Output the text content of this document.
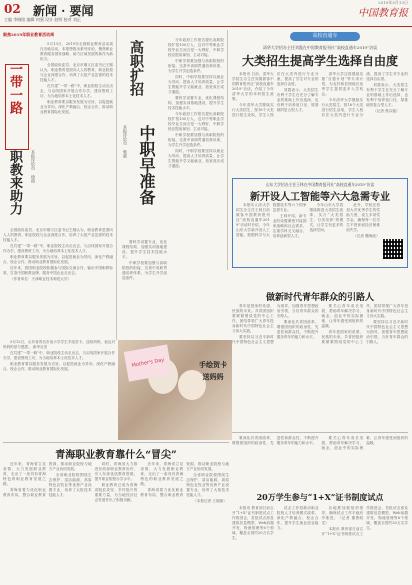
02 新闻 · 要闻
主编 李晓阳 编辑 何强 设计 赵明 校对 刘正
2019年5月13日
中国教育报
聚焦2019年职业教育活动周

5月13日，2019年全国职业教育活动周在各地启动，本报特推出系列评论，聚焦职业教育服务国家战略、助力区域发展的新作为新担当。

全国政协委员、北京市顺义区委书记王刚认为，职业教育是面向人人的教育，职业院校与企业深度合作，培养了大批产业急需的技术技能人才。

在共建“一带一路”中，职业院校主动走出去，与沿线国家开展合作办学，建设鲁班工坊，为当地培养本土化技术人才。

职业教育要以服务发展为宗旨，以促进就业为导向，深化产教融合、校企合作，推动职业教育国际化发展。

一带一路
职教来助力	本报评论员 徐倩

全国政协委员、北京市顺义区委书记王刚认为，职业教育是面向人人的教育，职业院校与企业深度合作，培养了大批产业急需的技术技能人才。

在共建“一带一路”中，职业院校主动走出去，与沿线国家开展合作办学，建设鲁班工坊，为当地培养本土化技术人才。

职业教育要以服务发展为宗旨，以促进就业为导向，深化产教融合、校企合作，推动职业教育国际化发展。

近年来，我国职业院校积极参与国际交流合作，输出中国职教标准，打造中国职教品牌，服务中国企业走出去。

（作者单位：天津职业技术师范大学）

高职扩招
中职早准备
本报评论员 柴葳

今年政府工作报告提出高职院校扩招100万人，这对中等职业学校毕业生而言是一大利好，中职学校应提前谋划、主动对接。

中职学校要加强与高职院校的衔接，完善中高职贯通培养体系，为学生升学创造条件。

同时，中职学校要坚持以就业为导向，提高人才培养质量，让学生既能升学又能就业，拓宽成长成才通道。

要科学设置专业，优化课程结构，加强实训基地建设，提升学生技术技能水平。

今年政府工作报告提出高职院校扩招100万人，这对中等职业学校毕业生而言是一大利好，中职学校应提前谋划、主动对接。

中职学校要加强与高职院校的衔接，完善中高职贯通培养体系，为学生升学创造条件。

同时，中职学校要坚持以就业为导向，提高人才培养质量，让学生既能升学又能就业，拓宽成长成才通道。

要科学设置专业，优化课程结构，加强实训基地建设，提升学生技术技能水平。

中职学校要加强与高职院校的衔接，完善中高职贯通培养体系，为学生升学创造条件。

高校直通车
清华大学招办主任刘震在中国教育报刊社“高校直通车2019”访谈
大类招生提高学生选择自由度

本报讯 日前，清华大学招生办主任刘震做客中国教育报刊社“高校直通车2019”访谈，介绍了今年清华大学的本科招生政策。

今年清华大学继续实行大类招生，按16个大类进行招生录取，学生入校后在大类内进行专业分流，提高了学生对专业的选择自由度。

刘震表示，大类招生有利于学生在充分了解专业的基础上作出选择，也有利于培养宽口径、厚基础的复合型人才。

清华大学还将继续实施“自强计划”等专项计划，为农村和贫困地区优秀学生提供更多入学机会。

今年清华大学继续实行大类招生，按16个大类进行招生录取，学生入校后在大类内进行专业分流，提高了学生对专业的选择自由度。

刘震表示，大类招生有利于学生在充分了解专业的基础上作出选择，也有利于培养宽口径、厚基础的复合型人才。

（记者 焦以璇）

山东大学招办主任王林在中国教育报刊社“高校直通车2019”访谈
新开设人工智能等六大急需专业

本报讯 山东大学招生办主任王林日前做客中国教育报刊社“高校直通车2019”访谈时介绍，今年山东大学新开设人工智能、数据科学与大数据技术等六个国家急需专业。

王林介绍，新专业的设置紧密对接国家战略和社会需求，注重学科交叉融合，培养创新型人才。

今年山东大学将继续推进大类招生改革，实行“大类招生、分类培养”的模式，让学生有更多的选择空间。

此外，学校还将加大对优秀学生的奖助力度，设立多项奖学金，确保每一位学生不因家庭经济困难而失学。

（记者 魏海政）

Mother's Day	手绘贺卡
送妈妈

5月12日，山东省青岛市某小学学生手绘贺卡，送给妈妈，表达对妈妈的爱与感恩。 新华社发

在共建“一带一路”中，职业院校主动走出去，与沿线国家开展合作办学，建设鲁班工坊，为当地培养本土化技术人才。

职业教育要以服务发展为宗旨，以促进就业为导向，深化产教融合、校企合作，推动职业教育国际化发展。

做新时代青年群众的引路人

青年是国家的希望、民族的未来。共青团组织要紧紧围绕党的中心工作，团结带领广大青年投身新时代中国特色社会主义伟大实践。

要坚持以习近平新时代中国特色社会主义思想为指导，加强青年思想政治引领，当好青年群众的引路人。

要深化共青团改革，增强团组织的政治性、先进性和群众性，不断提升服务青年的能力和水平。

要关心青年成长发展，帮助青年解决学习、就业、创业中的实际困难，让青年感受到组织的温暖。

青年是国家的希望、民族的未来。共青团组织要紧紧围绕党的中心工作，团结带领广大青年投身新时代中国特色社会主义伟大实践。

要坚持以习近平新时代中国特色社会主义思想为指导，加强青年思想政治引领，当好青年群众的引路人。

青海职业教育靠什么“冒尖”

近年来，青海省立足省情，大力发展职业教育，走出了一条具有青海特色的职业教育发展之路。

青海省着力优化职业教育布局，整合职业教育资源，推动职业院校与地方产业协同发展。

全省职业院校围绕生态保护、清洁能源、高原特色农牧业等优势产业设置专业，培养了大批技术技能人才。

同时，青海省大力推进东西部职业教育协作，引入东部优质教育资源，提升职业院校办学水平。

职业教育已成为青海省脱贫攻坚、乡村振兴的重要力量，为当地经济社会发展作出了积极贡献。

近年来，青海省立足省情，大力发展职业教育，走出了一条具有青海特色的职业教育发展之路。

青海省着力优化职业教育布局，整合职业教育资源，推动职业院校与地方产业协同发展。

全省职业院校围绕生态保护、清洁能源、高原特色农牧业等优势产业设置专业，培养了大批技术技能人才。

（本报记者 王湘蓉）	20万学生参与“1+X”证书制度试点

本报讯 教育部日前召开“1+X”证书制度试点工作推进会，首批试点涉及建筑信息模型、Web前端开发、物流管理等6个领域，覆盖全国约20万名学生。

试点工作将推动职业院校人才培养模式改革，深化产教融合、校企合作，提升学生就业创业能力。

各地要加强组织领导，确保试点工作平稳有序推进。（记者 董鲁皖龙）

本报讯 教育部日前召开“1+X”证书制度试点工作推进会，首批试点涉及建筑信息模型、Web前端开发、物流管理等6个领域，覆盖全国约20万名学生。

要深化共青团改革，增强团组织的政治性、先进性和群众性，不断提升服务青年的能力和水平。

要关心青年成长发展，帮助青年解决学习、就业、创业中的实际困难，让青年感受到组织的温暖。
